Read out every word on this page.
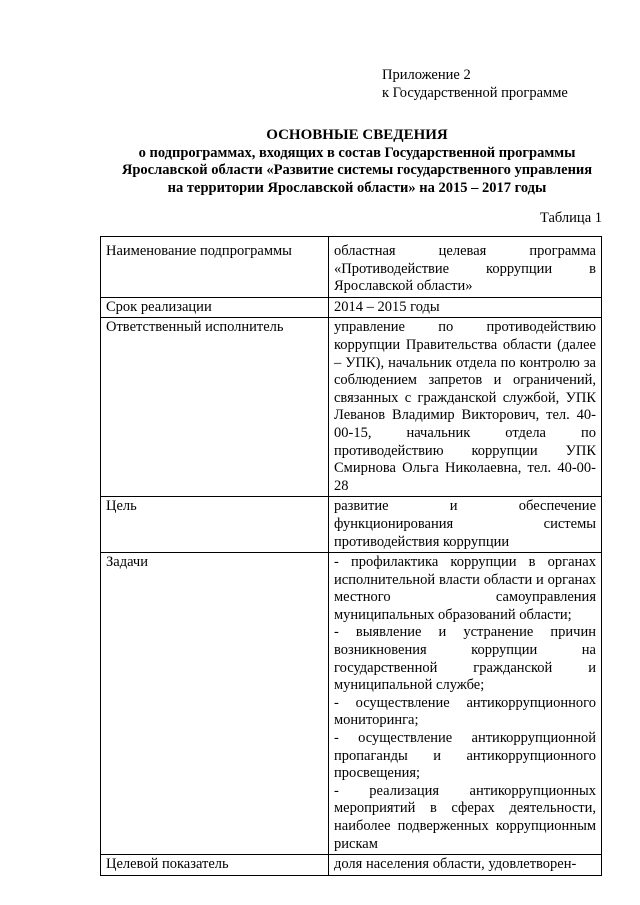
Приложение 2
к Государственной программе
ОСНОВНЫЕ СВЕДЕНИЯ
о подпрограммах, входящих в состав Государственной программы
Ярославской области «Развитие системы государственного управления
на территории Ярославской области» на 2015 – 2017 годы
Таблица 1
Наименование подпрограммы	областная целевая программа «Противодействие коррупции в Ярославской области»
Срок реализации	2014 – 2015 годы
Ответственный исполнитель	управление по противодействию коррупции Правительства области (далее – УПК), начальник отдела по контролю за соблюдением запретов и ограничений, связанных с гражданской службой, УПК Леванов Владимир Викторович, тел. 40-00-15, начальник отдела по противодействию коррупции УПК Смирнова Ольга Николаевна, тел. 40-00-28
Цель	развитие и обеспечение функционирования системы противодействия коррупции
Задачи	- профилактика коррупции в органах исполнительной власти области и органах местного самоуправления муниципальных образований области;

- выявление и устранение причин возникновения коррупции на государственной гражданской и муниципальной службе;

- осуществление антикоррупционного мониторинга;

- осуществление антикоррупционной пропаганды и антикоррупционного просвещения;

- реализация антикоррупционных мероприятий в сферах деятельности, наиболее подверженных коррупционным рискам

Целевой показатель	доля населения области, удовлетворен-
